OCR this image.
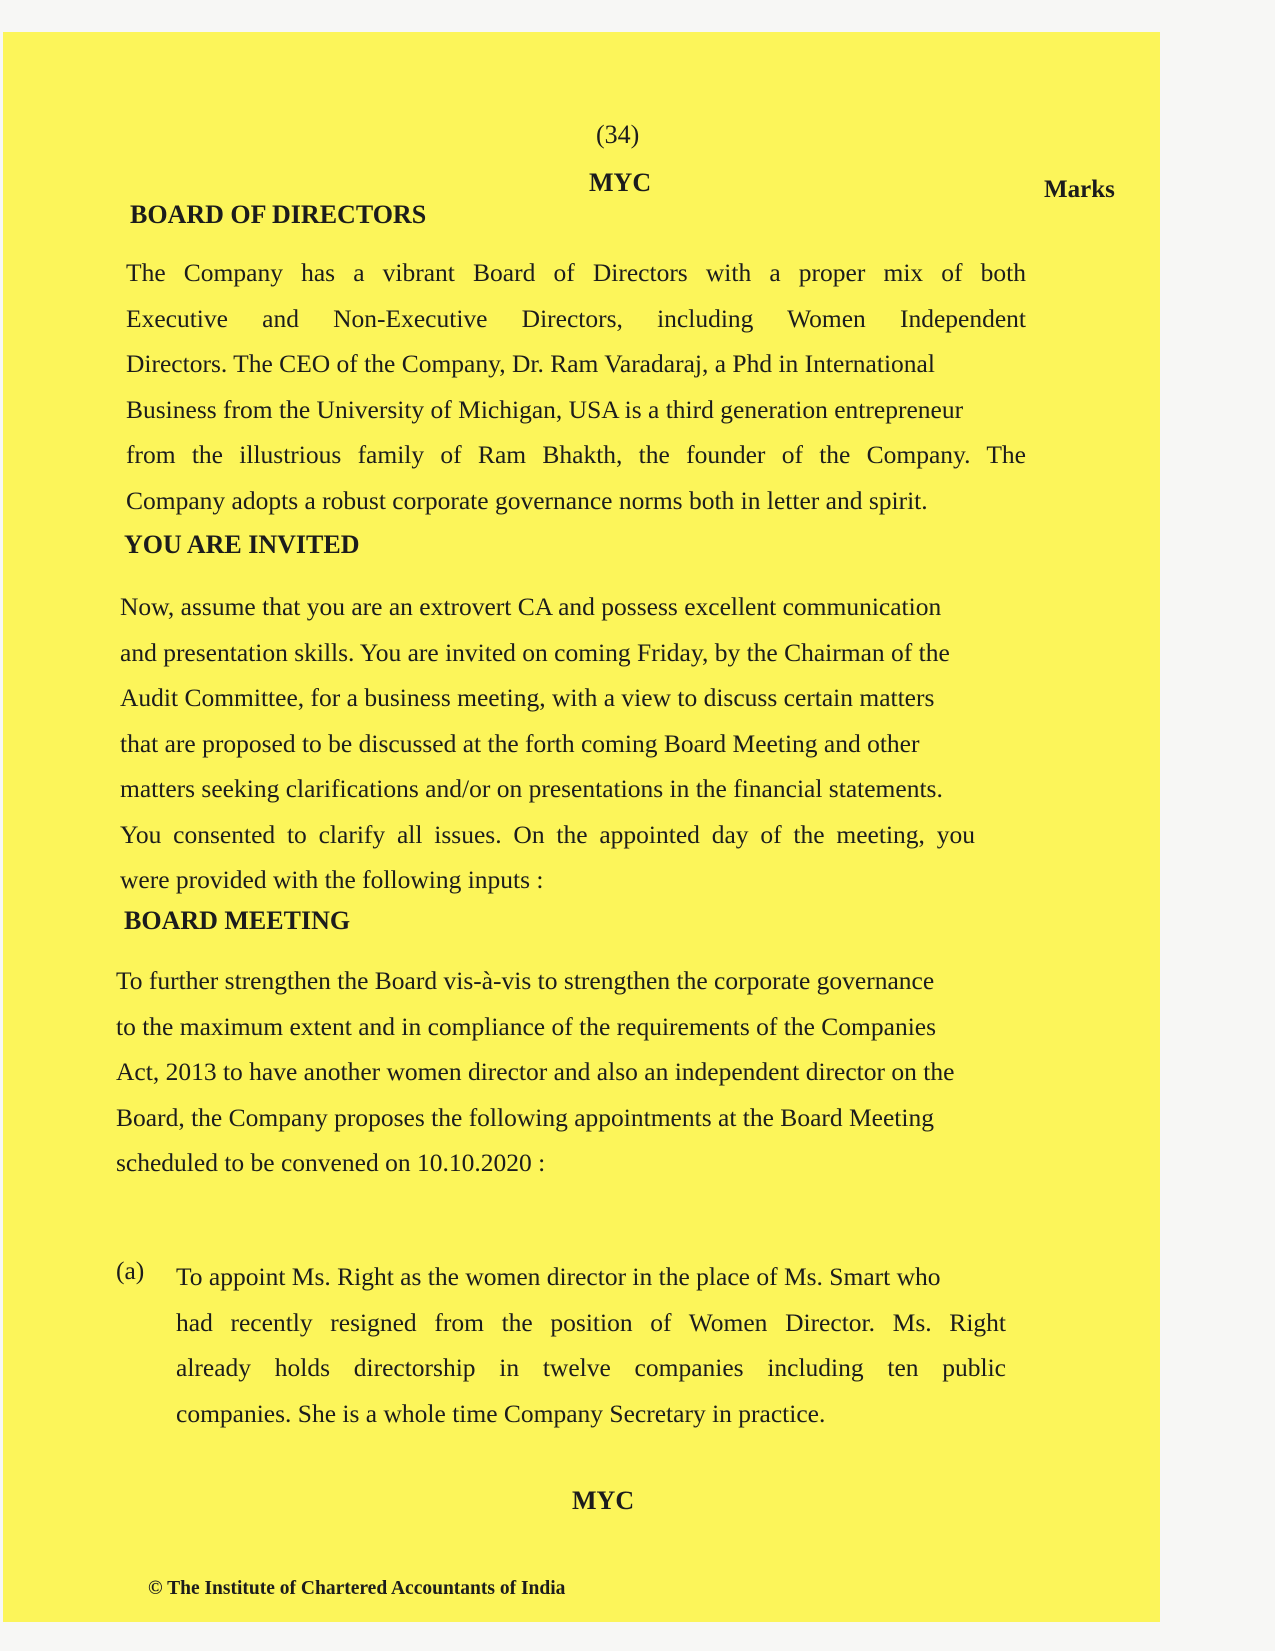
(34)
MYC	Marks
BOARD OF DIRECTORS
The Company has a vibrant Board of Directors with a proper mix of both
Executive and Non-Executive Directors, including Women Independent
Directors. The CEO of the Company, Dr. Ram Varadaraj, a Phd in International
Business from the University of Michigan, USA is a third generation entrepreneur
from the illustrious family of Ram Bhakth, the founder of the Company. The
Company adopts a robust corporate governance norms both in letter and spirit.
YOU ARE INVITED
Now, assume that you are an extrovert CA and possess excellent communication
and presentation skills. You are invited on coming Friday, by the Chairman of the
Audit Committee, for a business meeting, with a view to discuss certain matters
that are proposed to be discussed at the forth coming Board Meeting and other
matters seeking clarifications and/or on presentations in the financial statements.
You consented to clarify all issues. On the appointed day of the meeting, you
were provided with the following inputs :
BOARD MEETING
To further strengthen the Board vis-à-vis to strengthen the corporate governance
to the maximum extent and in compliance of the requirements of the Companies
Act, 2013 to have another women director and also an independent director on the
Board, the Company proposes the following appointments at the Board Meeting
scheduled to be convened on 10.10.2020 :
(a) To appoint Ms. Right as the women director in the place of Ms. Smart who
had recently resigned from the position of Women Director. Ms. Right
already holds directorship in twelve companies including ten public
companies. She is a whole time Company Secretary in practice.
MYC
© The Institute of Chartered Accountants of India
